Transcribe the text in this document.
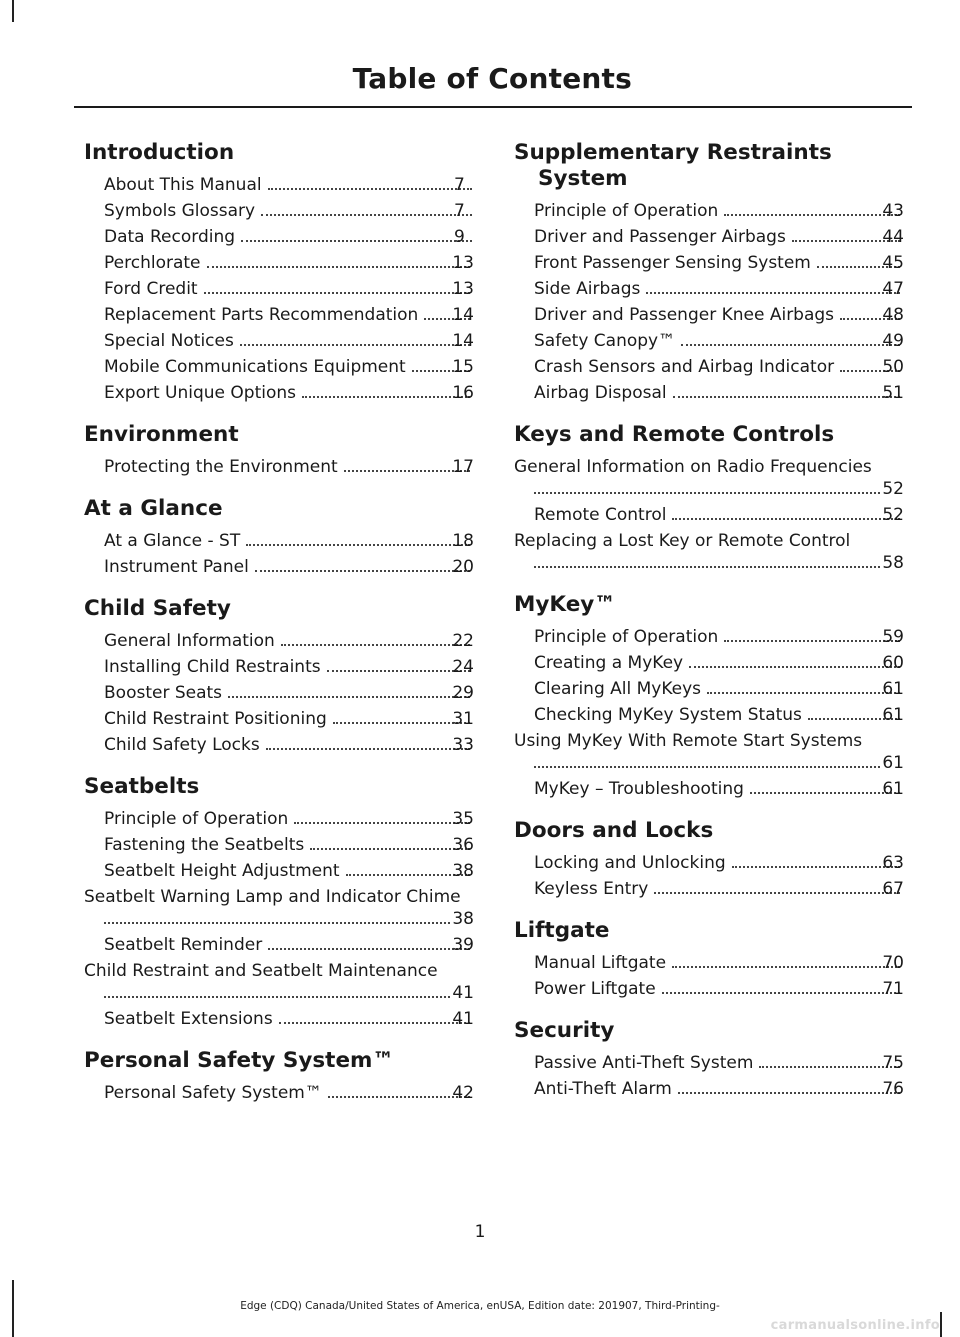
Table of Contents
Introduction
About This Manual	7
Symbols Glossary	7
Data Recording	9
Perchlorate	13
Ford Credit	13
Replacement Parts Recommendation 14
Special Notices	14
Mobile Communications Equipment	15
Export Unique Options	16
Environment
Protecting the Environment	17
At a Glance
At a Glance - ST	18
Instrument Panel	20
Child Safety
General Information	22
Installing Child Restraints	24
Booster Seats	29
Child Restraint Positioning	31
Child Safety Locks	33
Seatbelts
Principle of Operation	35
Fastening the Seatbelts	36
Seatbelt Height Adjustment	38
Seatbelt Warning Lamp and Indicator Chime
38
Seatbelt Reminder	39
Child Restraint and Seatbelt Maintenance
41
Seatbelt Extensions	41
Personal Safety System™
Personal Safety System™	42
Supplementary Restraints System
Principle of Operation	43
Driver and Passenger Airbags	44
Front Passenger Sensing System	45
Side Airbags	47
Driver and Passenger Knee Airbags	48
Safety Canopy™	49
Crash Sensors and Airbag Indicator	50
Airbag Disposal	51
Keys and Remote Controls
General Information on Radio Frequencies
52
Remote Control	52
Replacing a Lost Key or Remote Control
58
MyKey™
Principle of Operation	59
Creating a MyKey	60
Clearing All MyKeys	61
Checking MyKey System Status	61
Using MyKey With Remote Start Systems
61
MyKey – Troubleshooting	61
Doors and Locks
Locking and Unlocking	63
Keyless Entry	67
Liftgate
Manual Liftgate	70
Power Liftgate	71
Security
Passive Anti-Theft System	75
Anti-Theft Alarm	76
1
Edge (CDQ) Canada/United States of America, enUSA, Edition date: 201907, Third-Printing-
carmanualsonline.info
